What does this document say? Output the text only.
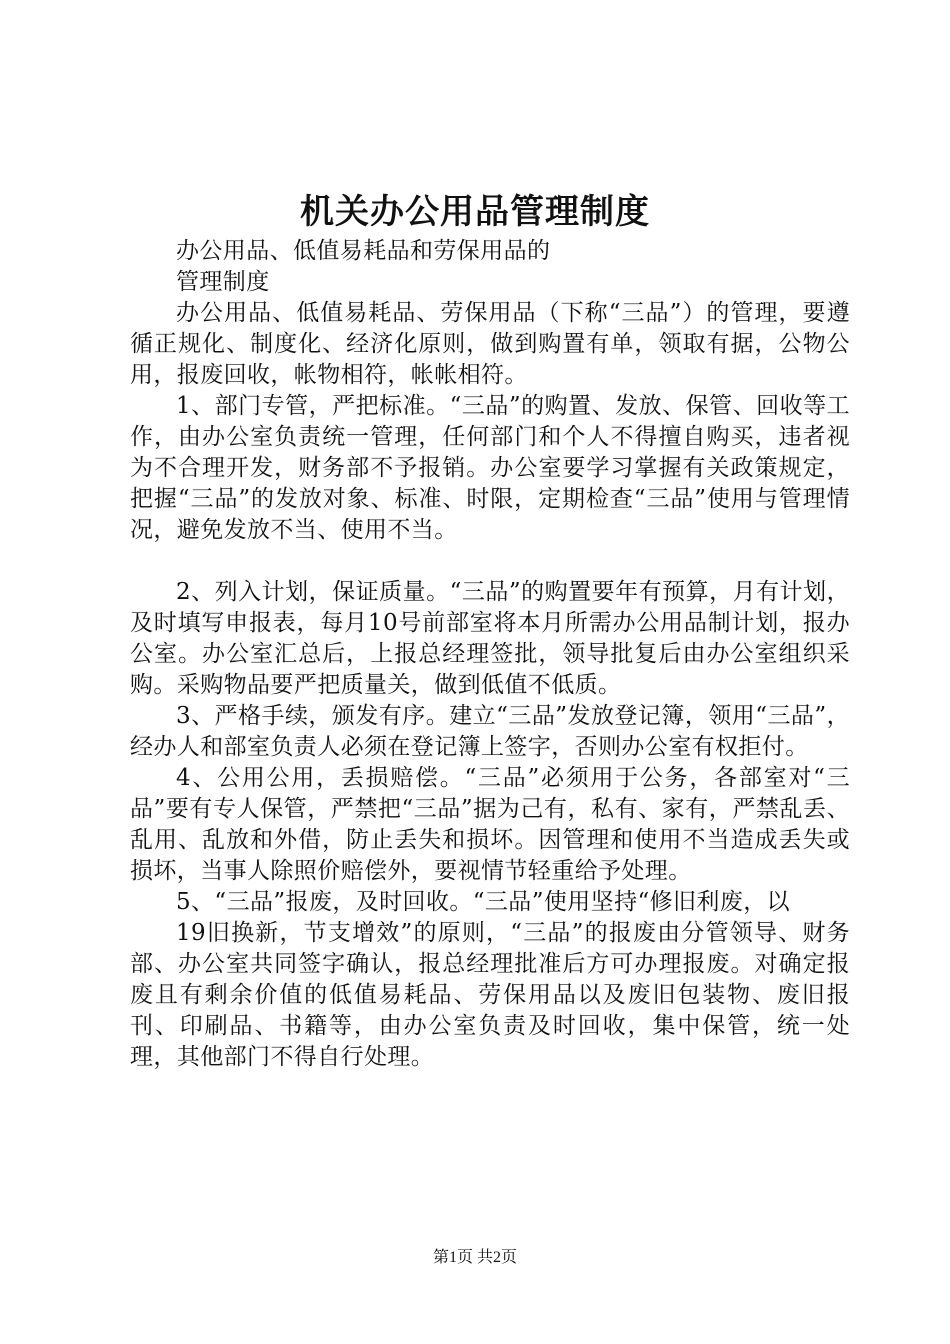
机关办公用品管理制度

办公用品、低值易耗品和劳保用品的

管理制度

办公用品、低值易耗品、劳保用品（下称“三品”）的管理，要遵循正规化、制度化、经济化原则，做到购置有单，领取有据，公物公用，报废回收，帐物相符，帐帐相符。

1、部门专管，严把标准。“三品”的购置、发放、保管、回收等工作，由办公室负责统一管理，任何部门和个人不得擅自购买，违者视为不合理开发，财务部不予报销。办公室要学习掌握有关政策规定，把握“三品”的发放对象、标准、时限，定期检查“三品”使用与管理情况，避免发放不当、使用不当。

2、列入计划，保证质量。“三品”的购置要年有预算，月有计划，及时填写申报表，每月10号前部室将本月所需办公用品制计划，报办公室。办公室汇总后，上报总经理签批，领导批复后由办公室组织采购。采购物品要严把质量关，做到低值不低质。

3、严格手续，颁发有序。建立“三品”发放登记簿，领用“三品”，经办人和部室负责人必须在登记簿上签字，否则办公室有权拒付。

4、公用公用，丢损赔偿。“三品”必须用于公务，各部室对“三品”要有专人保管，严禁把“三品”据为己有，私有、家有，严禁乱丢、乱用、乱放和外借，防止丢失和损坏。因管理和使用不当造成丢失或损坏，当事人除照价赔偿外，要视情节轻重给予处理。

5、“三品”报废，及时回收。“三品”使用坚持“修旧利废，以

19旧换新，节支增效”的原则，“三品”的报废由分管领导、财务部、办公室共同签字确认，报总经理批准后方可办理报废。对确定报废且有剩余价值的低值易耗品、劳保用品以及废旧包装物、废旧报刊、印刷品、书籍等，由办公室负责及时回收，集中保管，统一处理，其他部门不得自行处理。

第1页 共2页
